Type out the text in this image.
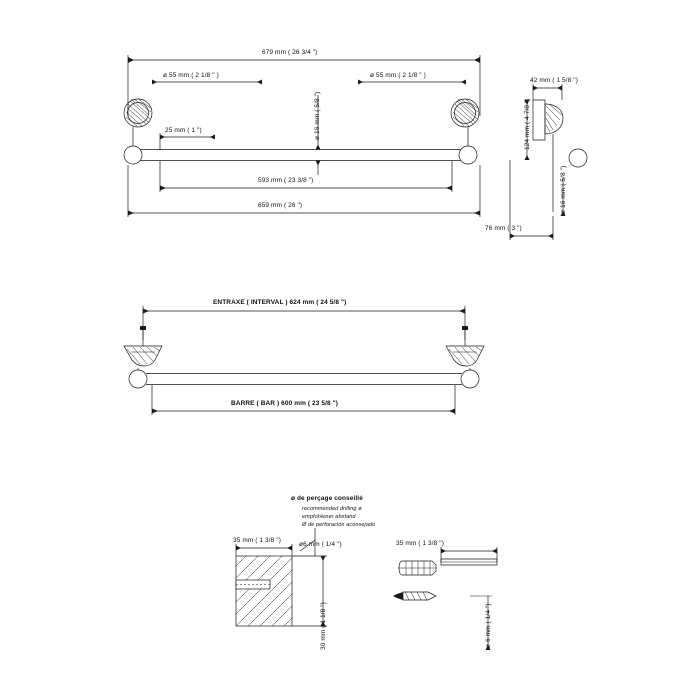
679 mm ( 26 3/4 ")
ø 55 mm ( 2 1/8 " )	ø 55 mm ( 2 1/8 " )
ø 16 mm ( 5/8 ")
25 mm ( 1 ")
593 mm ( 23 3/8 ")
659 mm ( 26 ")
42 mm ( 1 5/8 ")
124 mm ( 4 7/8 ")
ø 16 mm ( 5/8 ")
76 mm ( 3 ")
ENTRAXE ( INTERVAL ) 624 mm ( 24 5/8 ")
BARRE ( BAR ) 600 mm ( 23 5/8 ")
ø de perçage conseillé
recommended drilling ø
empfohlener abstand
Ø de perforación aconsejado
35 mm ( 1 3/8 ")
ø6 mm ( 1/4 ")
30 mm ( 1 1/8 ")
35 mm ( 1 3/8 ")
ø 6 mm ( 1/4 ")
